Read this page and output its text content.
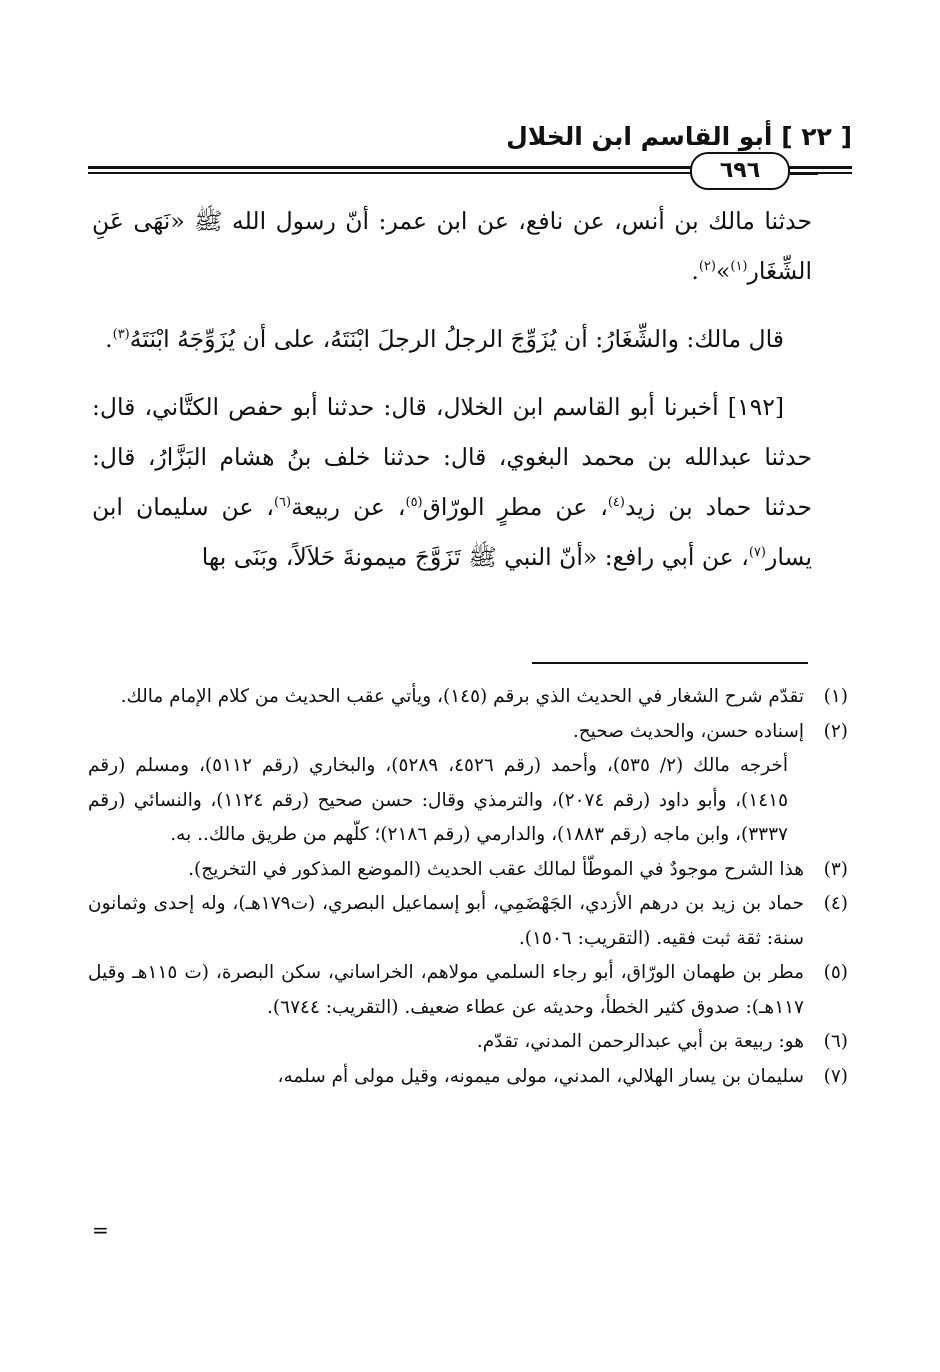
[ ٢٢ ] أبو القاسم ابن الخلال
٦٩٦

حدثنا مالك بن أنس، عن نافع، عن ابن عمر: أنّ رسول الله ﷺ «نَهَى عَنِ الشِّغَار$^{(١)}$»$^{(٢)}$.

قال مالك: والشِّغَارُ: أن يُزَوِّجَ الرجلُ الرجلَ ابْنَتَهُ، على أن يُزَوِّجَهُ ابْنَتَهُ$^{(٣)}$.

[١٩٢] أخبرنا أبو القاسم ابن الخلال، قال: حدثنا أبو حفص الكتَّاني، قال: حدثنا عبدالله بن محمد البغوي، قال: حدثنا خلف بنُ هشام البَزَّارُ، قال: حدثنا حماد بن زيد$^{(٤)}$، عن مطرٍ الورّاق$^{(٥)}$، عن ربيعة$^{(٦)}$، عن سليمان ابن يسار$^{(٧)}$، عن أبي رافع: «أنّ النبي ﷺ تَزَوَّجَ ميمونةَ حَلاَلاً، وبَنَى بها

(١)
تقدّم شرح الشغار في الحديث الذي برقم (١٤٥)، ويأتي عقب الحديث من كلام الإمام مالك.
(٢)
إسناده حسن، والحديث صحيح.
أخرجه مالك (٢/ ٥٣٥)، وأحمد (رقم ٤٥٢٦، ٥٢٨٩)، والبخاري (رقم ٥١١٢)، ومسلم (رقم ١٤١٥)، وأبو داود (رقم ٢٠٧٤)، والترمذي وقال: حسن صحيح (رقم ١١٢٤)، والنسائي (رقم ٣٣٣٧)، وابن ماجه (رقم ١٨٨٣)، والدارمي (رقم ٢١٨٦)؛ كلّهم من طريق مالك.. به.
(٣)
هذا الشرح موجودٌ في الموطّأ لمالك عقب الحديث (الموضع المذكور في التخريج).
(٤)
حماد بن زيد بن درهم الأزدي، الجَهْضَمِي، أبو إسماعيل البصري، (ت١٧٩هـ)، وله إحدى وثمانون سنة: ثقة ثبت فقيه. (التقريب: ١٥٠٦).
(٥)
مطر بن طهمان الورّاق، أبو رجاء السلمي مولاهم، الخراساني، سكن البصرة، (ت ١١٥هـ وقيل ١١٧هـ): صدوق كثير الخطأ، وحديثه عن عطاء ضعيف. (التقريب: ٦٧٤٤).
(٦)
هو: ربيعة بن أبي عبدالرحمن المدني، تقدّم.
(٧)
سليمان بن يسار الهلالي، المدني، مولى ميمونه، وقيل مولى أم سلمه،
=
